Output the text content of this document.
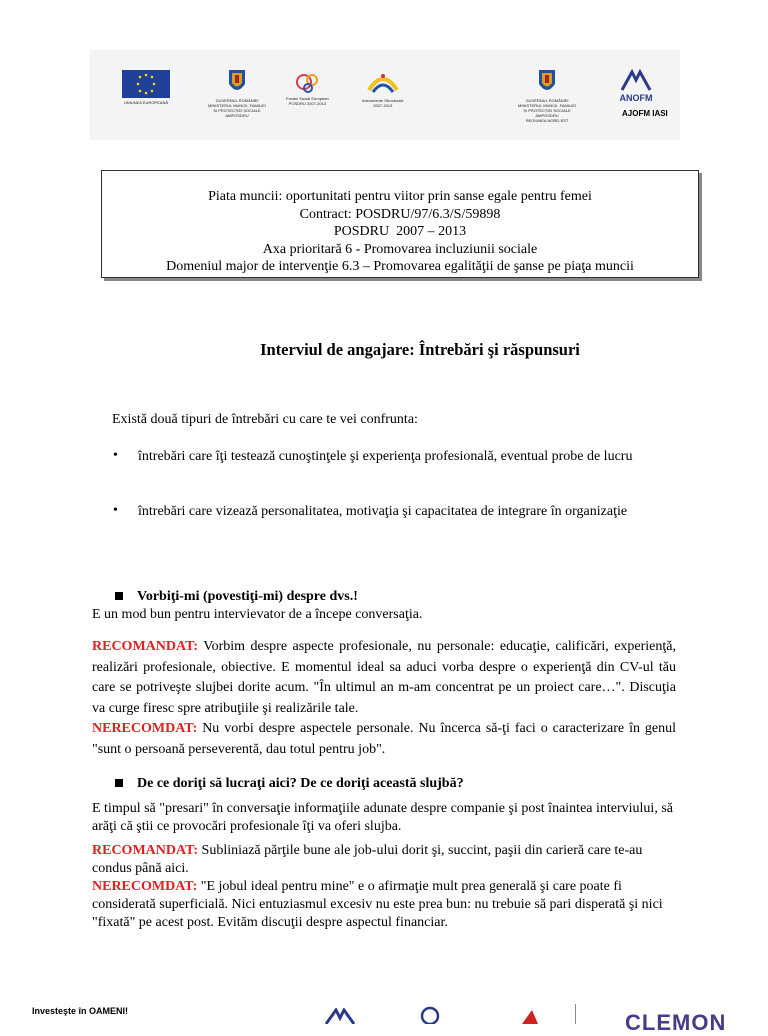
UNIUNEA EUROPEANĂ	GUVERNUL ROMÂNIEI
MINISTERUL MUNCII, FAMILIEI
ȘI PROTECȚIEI SOCIALE
AMPOSDRU
Fondul Social European
POSDRU 2007-2013
Instrumente Structurale
2007-2013
GUVERNUL ROMÂNIEI
MINISTERUL MUNCII, FAMILIEI
ȘI PROTECȚIEI SOCIALE
AMPOSDRU
REGIUNEA NORD-EST
ANOFM
AJOFM IASI
Piata muncii: oportunitati pentru viitor prin sanse egale pentru femei
Contract: POSDRU/97/6.3/S/59898
POSDRU  2007 – 2013
Axa prioritară 6 - Promovarea incluziunii sociale
Domeniul major de intervenţie 6.3 – Promovarea egalităţii de şanse pe piaţa muncii
Interviul de angajare: Întrebări şi răspunsuri
Există două tipuri de întrebări cu care te vei confrunta:
• întrebări care îţi testează cunoştinţele şi experienţa profesională, eventual probe de lucru
• întrebări care vizează personalitatea, motivaţia şi capacitatea de integrare în organizaţie
Vorbiţi-mi (povestiţi-mi) despre dvs.!
E un mod bun pentru intervievator de a începe conversaţia.
RECOMANDAT: Vorbim despre aspecte profesionale, nu personale: educaţie, calificări, experienţă, realizări profesionale, obiective. E momentul ideal sa aduci vorba despre o experienţă din CV-ul tău care se potriveşte slujbei dorite acum. "În ultimul an m-am concentrat pe un proiect care…". Discuţia va curge firesc spre atribuţiile şi realizările tale.
NERECOMDAT: Nu vorbi despre aspectele personale. Nu încerca să-ţi faci o caracterizare în genul "sunt o persoană perseverentă, dau totul pentru job".
De ce doriţi să lucraţi aici? De ce doriţi această slujbă?
E timpul să "presari" în conversaţie informaţiile adunate despre companie şi post înaintea interviului, să arăţi că ştii ce provocări profesionale îţi va oferi slujba.
RECOMANDAT: Subliniază părţile bune ale job-ului dorit şi, succint, paşii din carieră care te-au condus până aici.
NERECOMDAT: "E jobul ideal pentru mine" e o afirmaţie mult prea generală şi care poate fi considerată superficială. Nici entuziasmul excesiv nu este prea bun: nu trebuie să pari disperată şi nici "fixată" pe acest post. Evităm discuţii despre aspectul financiar.
Investeşte în OAMENI!	CLEMON
